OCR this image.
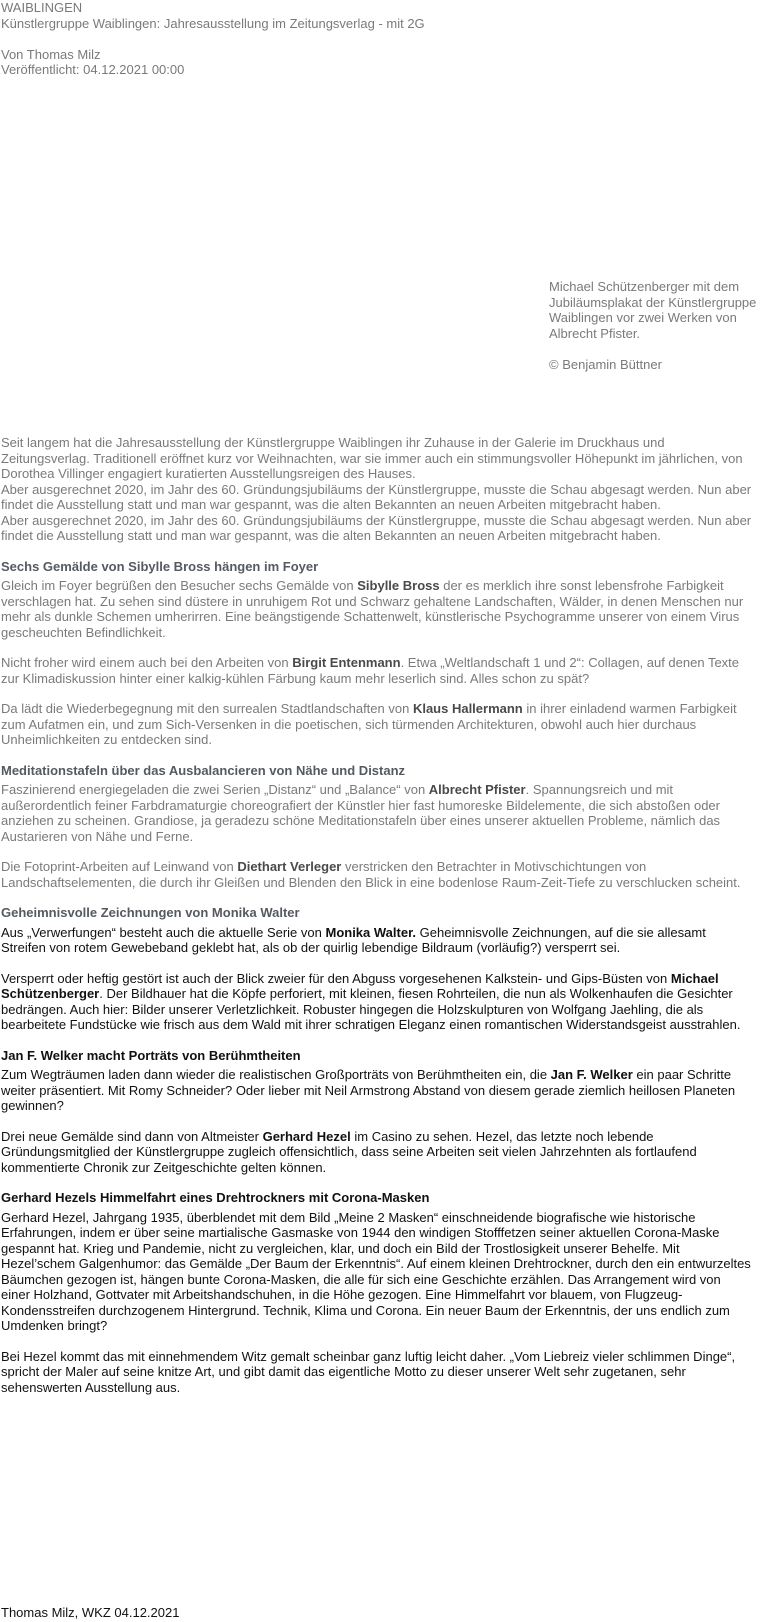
WAIBLINGEN

Künstlergruppe Waiblingen: Jahresausstellung im Zeitungsverlag - mit 2G

Von Thomas Milz

Veröffentlicht: 04.12.2021 00:00

Michael Schützenberger mit dem Jubiläumsplakat der Künstlergruppe Waiblingen vor zwei Werken von Albrecht Pfister.

© Benjamin Büttner

Seit langem hat die Jahresausstellung der Künstlergruppe Waiblingen ihr Zuhause in der Galerie im Druckhaus und Zeitungsverlag. Traditionell eröffnet kurz vor Weihnachten, war sie immer auch ein stimmungsvoller Höhepunkt im jährlichen, von Dorothea Villinger engagiert kuratierten Ausstellungsreigen des Hauses.

Aber ausgerechnet 2020, im Jahr des 60. Gründungsjubiläums der Künstlergruppe, musste die Schau abgesagt werden. Nun aber findet die Ausstellung statt und man war gespannt, was die alten Bekannten an neuen Arbeiten mitgebracht haben.

Aber ausgerechnet 2020, im Jahr des 60. Gründungsjubiläums der Künstlergruppe, musste die Schau abgesagt werden. Nun aber findet die Ausstellung statt und man war gespannt, was die alten Bekannten an neuen Arbeiten mitgebracht haben.

Sechs Gemälde von Sibylle Bross hängen im Foyer

Gleich im Foyer begrüßen den Besucher sechs Gemälde von Sibylle Bross der es merklich ihre sonst lebensfrohe Farbigkeit verschlagen hat. Zu sehen sind düstere in unruhigem Rot und Schwarz gehaltene Landschaften, Wälder, in denen Menschen nur mehr als dunkle Schemen umherirren. Eine beängstigende Schattenwelt, künstlerische Psychogramme unserer von einem Virus gescheuchten Befindlichkeit.

Nicht froher wird einem auch bei den Arbeiten von Birgit Entenmann. Etwa „Weltlandschaft 1 und 2“: Collagen, auf denen Texte zur Klimadiskussion hinter einer kalkig-kühlen Färbung kaum mehr leserlich sind. Alles schon zu spät?

Da lädt die Wiederbegegnung mit den surrealen Stadtlandschaften von Klaus Hallermann in ihrer einladend warmen Farbigkeit zum Aufatmen ein, und zum Sich-Versenken in die poetischen, sich türmenden Architekturen, obwohl auch hier durchaus Unheimlichkeiten zu entdecken sind.

Meditationstafeln über das Ausbalancieren von Nähe und Distanz

Faszinierend energiegeladen die zwei Serien „Distanz“ und „Balance“ von Albrecht Pfister. Spannungsreich und mit außerordentlich feiner Farbdramaturgie choreografiert der Künstler hier fast humoreske Bildelemente, die sich abstoßen oder anziehen zu scheinen. Grandiose, ja geradezu schöne Meditationstafeln über eines unserer aktuellen Probleme, nämlich das Austarieren von Nähe und Ferne.

Die Fotoprint-Arbeiten auf Leinwand von Diethart Verleger verstricken den Betrachter in Motivschichtungen von Landschaftselementen, die durch ihr Gleißen und Blenden den Blick in eine bodenlose Raum-Zeit-Tiefe zu verschlucken scheint.

Geheimnisvolle Zeichnungen von Monika Walter

Aus „Verwerfungen“ besteht auch die aktuelle Serie von Monika Walter. Geheimnisvolle Zeichnungen, auf die sie allesamt Streifen von rotem Gewebeband geklebt hat, als ob der quirlig lebendige Bildraum (vorläufig?) versperrt sei.

Versperrt oder heftig gestört ist auch der Blick zweier für den Abguss vorgesehenen Kalkstein- und Gips-Büsten von Michael Schützenberger. Der Bildhauer hat die Köpfe perforiert, mit kleinen, fiesen Rohrteilen, die nun als Wolkenhaufen die Gesichter bedrängen. Auch hier: Bilder unserer Verletzlichkeit. Robuster hingegen die Holzskulpturen von Wolfgang Jaehling, die als bearbeitete Fundstücke wie frisch aus dem Wald mit ihrer schratigen Eleganz einen romantischen Widerstandsgeist ausstrahlen.

Jan F. Welker macht Porträts von Berühmtheiten

Zum Wegträumen laden dann wieder die realistischen Großporträts von Berühmtheiten ein, die Jan F. Welker ein paar Schritte weiter präsentiert. Mit Romy Schneider? Oder lieber mit Neil Armstrong Abstand von diesem gerade ziemlich heillosen Planeten gewinnen?

Drei neue Gemälde sind dann von Altmeister Gerhard Hezel im Casino zu sehen. Hezel, das letzte noch lebende Gründungsmitglied der Künstlergruppe zugleich offensichtlich, dass seine Arbeiten seit vielen Jahrzehnten als fortlaufend kommentierte Chronik zur Zeitgeschichte gelten können.

Gerhard Hezels Himmelfahrt eines Drehtrockners mit Corona-Masken

Gerhard Hezel, Jahrgang 1935, überblendet mit dem Bild „Meine 2 Masken“ einschneidende biografische wie historische Erfahrungen, indem er über seine martialische Gasmaske von 1944 den windigen Stofffetzen seiner aktuellen Corona-Maske gespannt hat. Krieg und Pandemie, nicht zu vergleichen, klar, und doch ein Bild der Trostlosigkeit unserer Behelfe. Mit Hezel’schem Galgenhumor: das Gemälde „Der Baum der Erkenntnis“. Auf einem kleinen Drehtrockner, durch den ein entwurzeltes Bäumchen gezogen ist, hängen bunte Corona-Masken, die alle für sich eine Geschichte erzählen. Das Arrangement wird von einer Holzhand, Gottvater mit Arbeitshandschuhen, in die Höhe gezogen. Eine Himmelfahrt vor blauem, von Flugzeug-Kondensstreifen durchzogenem Hintergrund. Technik, Klima und Corona. Ein neuer Baum der Erkenntnis, der uns endlich zum Umdenken bringt?

Bei Hezel kommt das mit einnehmendem Witz gemalt scheinbar ganz luftig leicht daher. „Vom Liebreiz vieler schlimmen Dinge“, spricht der Maler auf seine knitze Art, und gibt damit das eigentliche Motto zu dieser unserer Welt sehr zugetanen, sehr sehenswerten Ausstellung aus.

Thomas Milz, WKZ 04.12.2021
